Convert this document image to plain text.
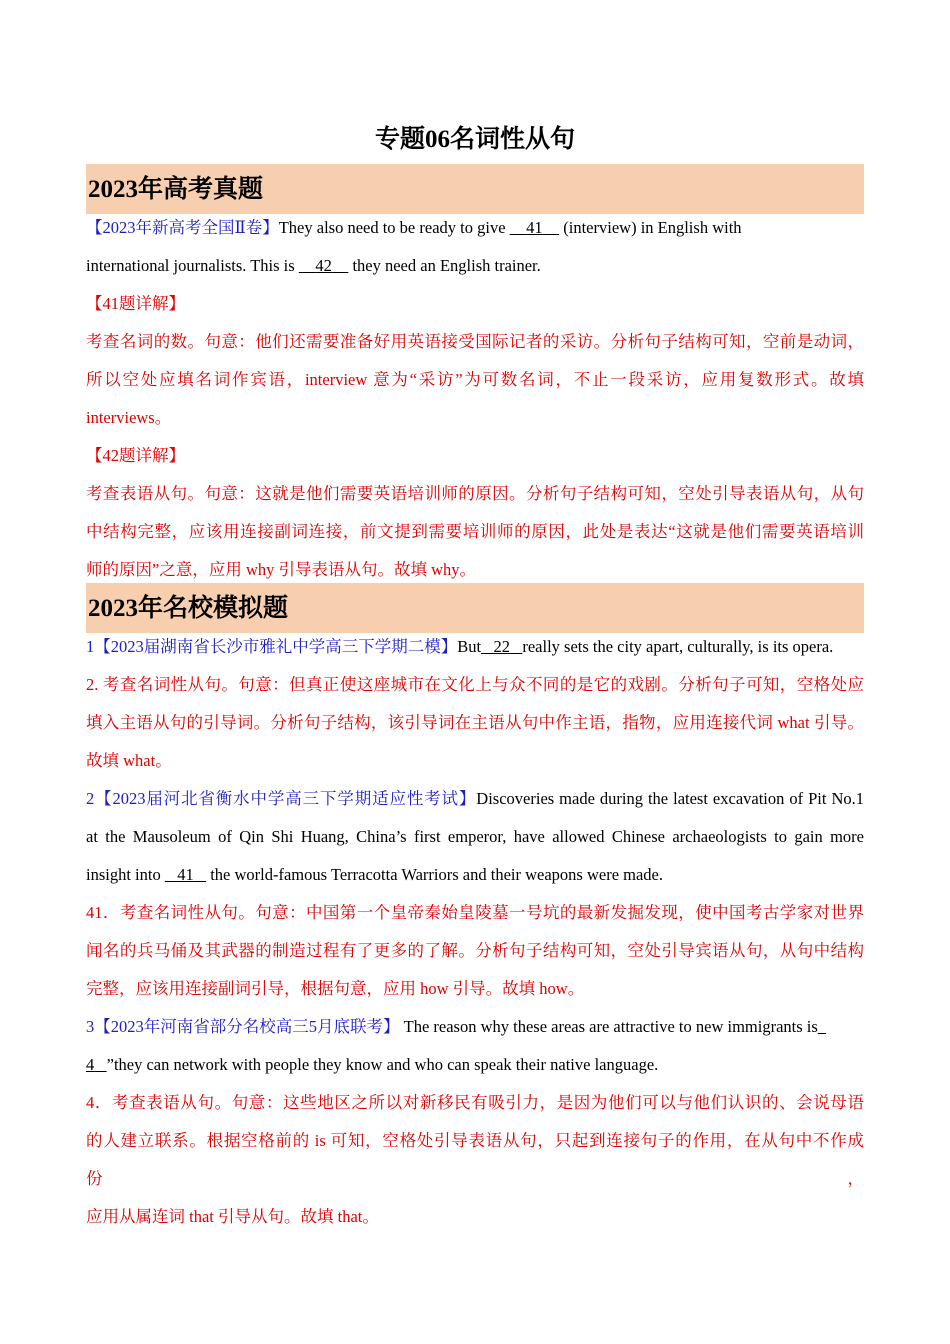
专题06名词性从句
2023年高考真题

【2023年新高考全国Ⅱ卷】They also need to be ready to give     41     (interview) in English with

international journalists. This is     42     they need an English trainer.

【41题详解】

考查名词的数。句意：他们还需要准备好用英语接受国际记者的采访。分析句子结构可知，空前是动词，

所以空处应填名词作宾语，interview 意为“采访”为可数名词，不止一段采访，应用复数形式。故填

interviews。

【42题详解】

考查表语从句。句意：这就是他们需要英语培训师的原因。分析句子结构可知，空处引导表语从句，从句

中结构完整，应该用连接副词连接，前文提到需要培训师的原因，此处是表达“这就是他们需要英语培训

师的原因”之意，应用 why 引导表语从句。故填 why。

2023年名校模拟题

1【2023届湖南省长沙市雅礼中学高三下学期二模】But 22 really sets the city apart, culturally, is its opera.

2. 考查名词性从句。句意：但真正使这座城市在文化上与众不同的是它的戏剧。分析句子可知，空格处应

填入主语从句的引导词。分析句子结构，该引导词在主语从句中作主语，指物，应用连接代词 what 引导。

故填 what。

2【2023届河北省衡水中学高三下学期适应性考试】Discoveries made during the latest excavation of Pit No.1

at the Mausoleum of Qin Shi Huang, China’s first emperor, have allowed Chinese archaeologists to gain more

insight into    41    the world-famous Terracotta Warriors and their weapons were made.

41．考查名词性从句。句意：中国第一个皇帝秦始皇陵墓一号坑的最新发掘发现，使中国考古学家对世界

闻名的兵马俑及其武器的制造过程有了更多的了解。分析句子结构可知，空处引导宾语从句，从句中结构

完整，应该用连接副词引导，根据句意，应用 how 引导。故填 how。

3【2023年河南省部分名校高三5月底联考】 The reason why these areas are attractive to new immigrants is

4 ”they can network with people they know and who can speak their native language.

4．考查表语从句。句意：这些地区之所以对新移民有吸引力，是因为他们可以与他们认识的、会说母语

的人建立联系。根据空格前的 is 可知，空格处引导表语从句，只起到连接句子的作用，在从句中不作成份，

应用从属连词 that 引导从句。故填 that。
